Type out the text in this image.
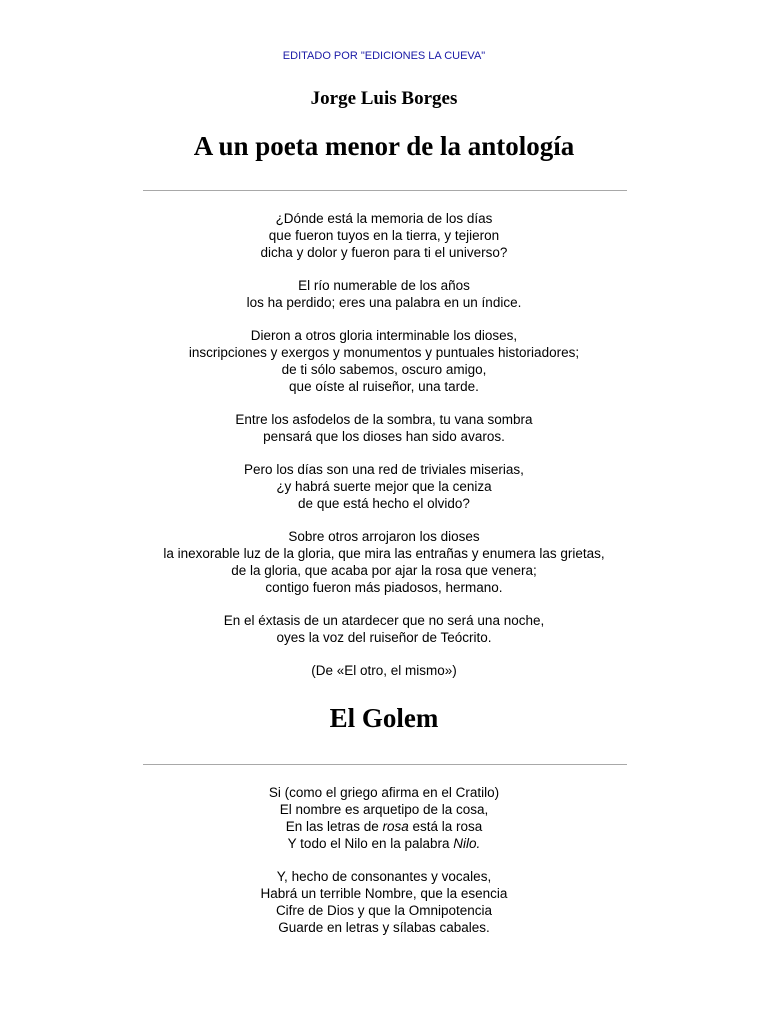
EDITADO POR "EDICIONES LA CUEVA"
Jorge Luis Borges
A un poeta menor de la antología
¿Dónde está la memoria de los días
que fueron tuyos en la tierra, y tejieron
dicha y dolor y fueron para ti el universo?
El río numerable de los años
los ha perdido; eres una palabra en un índice.
Dieron a otros gloria interminable los dioses,
inscripciones y exergos y monumentos y puntuales historiadores;
de ti sólo sabemos, oscuro amigo,
que oíste al ruiseñor, una tarde.
Entre los asfodelos de la sombra, tu vana sombra
pensará que los dioses han sido avaros.
Pero los días son una red de triviales miserias,
¿y habrá suerte mejor que la ceniza
de que está hecho el olvido?
Sobre otros arrojaron los dioses
la inexorable luz de la gloria, que mira las entrañas y enumera las grietas,
de la gloria, que acaba por ajar la rosa que venera;
contigo fueron más piadosos, hermano.
En el éxtasis de un atardecer que no será una noche,
oyes la voz del ruiseñor de Teócrito.

(De «El otro, el mismo»)

El Golem
Si (como el griego afirma en el Cratilo)
El nombre es arquetipo de la cosa,
En las letras de rosa está la rosa
Y todo el Nilo en la palabra Nilo.
Y, hecho de consonantes y vocales,
Habrá un terrible Nombre, que la esencia
Cifre de Dios y que la Omnipotencia
Guarde en letras y sílabas cabales.
